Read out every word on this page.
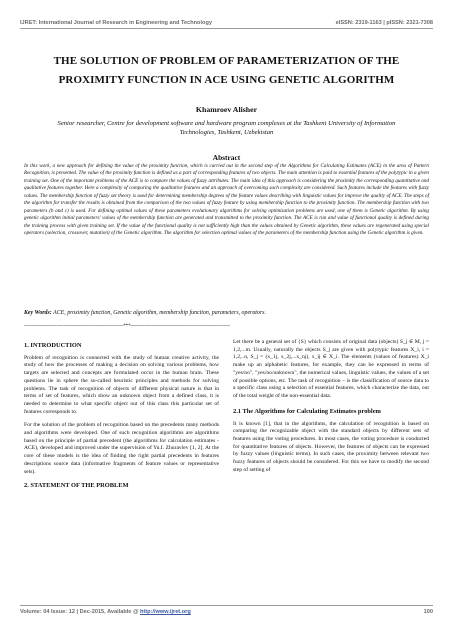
IJRET: International Journal of Research in Engineering and Technology	eISSN: 2319-1163 | pISSN: 2321-7308
THE SOLUTION OF PROBLEM OF PARAMETERIZATION OF THE PROXIMITY FUNCTION IN ACE USING GENETIC ALGORITHM
Khamroev Alisher
Senior researcher, Centre for development software and hardware program complexes at the Tashkent University of Information Technologies, Tashkent, Uzbekistan
Abstract
In this work, a new approach for defining the value of the proximity function, which is carried out in the second step of the Algorithms for Calculating Estimates (ACE) in the area of Pattern Recognition, is presented. The value of the proximity function is defined as a part of corresponding features of two objects. The main attention is paid to essential features of the polytypic in a given training set. One of the important problems of the ACE is to compare the values of fuzzy attributes. The main idea of this approach is considering the proximity the corresponding quantitative and qualitative features together. Here a complexity of comparing the qualitative features and an approach of overcoming such complexity are considered. Such features include the features with fuzzy values. The membership function of fuzzy set theory is used for determining membership degrees of the feature values describing with linguistic values for improve the quality of ACE. The steps of the algorithm for transfer the results is obtained from the comparison of the two values of fuzzy feature by using membership function to the proximity function. The membership function with two parameters (b and c) is used. For defining optimal values of these parameters evolutionary algorithms for solving optimization problems are used, one of them is Genetic algorithm. By using genetic algorithm initial parameters' values of the membership function are generated and transmitted to the proximity function. The ACE is run and value of functional quality is defined during the training process with given training set. If the value of the functional quality is not sufficiently high than the values obtained by Genetic algorithm, these values are regenerated using special operators (selection, crossover, mutation) of the Genetic algorithm. The algorithm for selection optimal values of the parameters of the membership function using the Genetic algorithm is given.
Key Words: ACE, proximity function, Genetic algorithm, membership function, parameters, operators.
-----------------------------------------------------------------***-----------------------------------------------------------------
1. INTRODUCTION

Problem of recognition is connected with the study of human creative activity, the study of how the processes of making a decision on solving various problems, how targets are selected and concepts are formulated occur in the human brain. These questions lie in sphere the so-called heuristic principles and methods for solving problems. The task of recognition of objects of different physical nature is that in terms of set of features, which show an unknown object from a defined class, it is needed to determine to what specific object out of this class this particular set of features corresponds to.

For the solution of the problem of recognition based on the precedents many methods and algorithms were developed. One of such recognition algorithms are algorithms based on the principle of partial precedent (the algorithms for calculation estimates - ACE), developed and improved under the supervision of Yu.I. Zhuravlev [1, 2]. At the core of these models is the idea of finding the right partial precedents in features descriptions source data (informative fragments of feature values or representative sets).

2. STATEMENT OF THE PROBLEM

Let there be a general set of {S} which consists of original data (objects) S_j ∈ M, j = 1,2,...m. Usually, naturally the objects S_j are given with polytypic features X_i, i = 1,2,..n, S_j = (x_1j, x_2j,...x_nj), x_ij ∈ X_i. The elements (values of features) X_i make up an alphabetic features, for example, they can be expressed in terms of "yes/no", "yes/no/unknown", the numerical values, linguistic values, the values of a set of possible options, etc. The task of recognition – is the classification of source data to a specific class using a selection of essential features, which characterize the data, out of the total weight of the non-essential data.

2.1 The Algorithms for Calculating Estimates problem

It is known [1], that in the algorithms, the calculation of recognition is based on comparing the recognizable object with the standard objects by different sets of features using the voting procedures. In most cases, the voting procedure is conducted for quantitative features of objects. However, the features of objects can be expressed by fuzzy values (linguistic terms). In such cases, the proximity between relevant two fuzzy features of objects should be considered. For this we have to modify the second step of setting of

Volume: 04 Issue: 12 | Dec-2015, Available @ http://www.ijret.org	100
